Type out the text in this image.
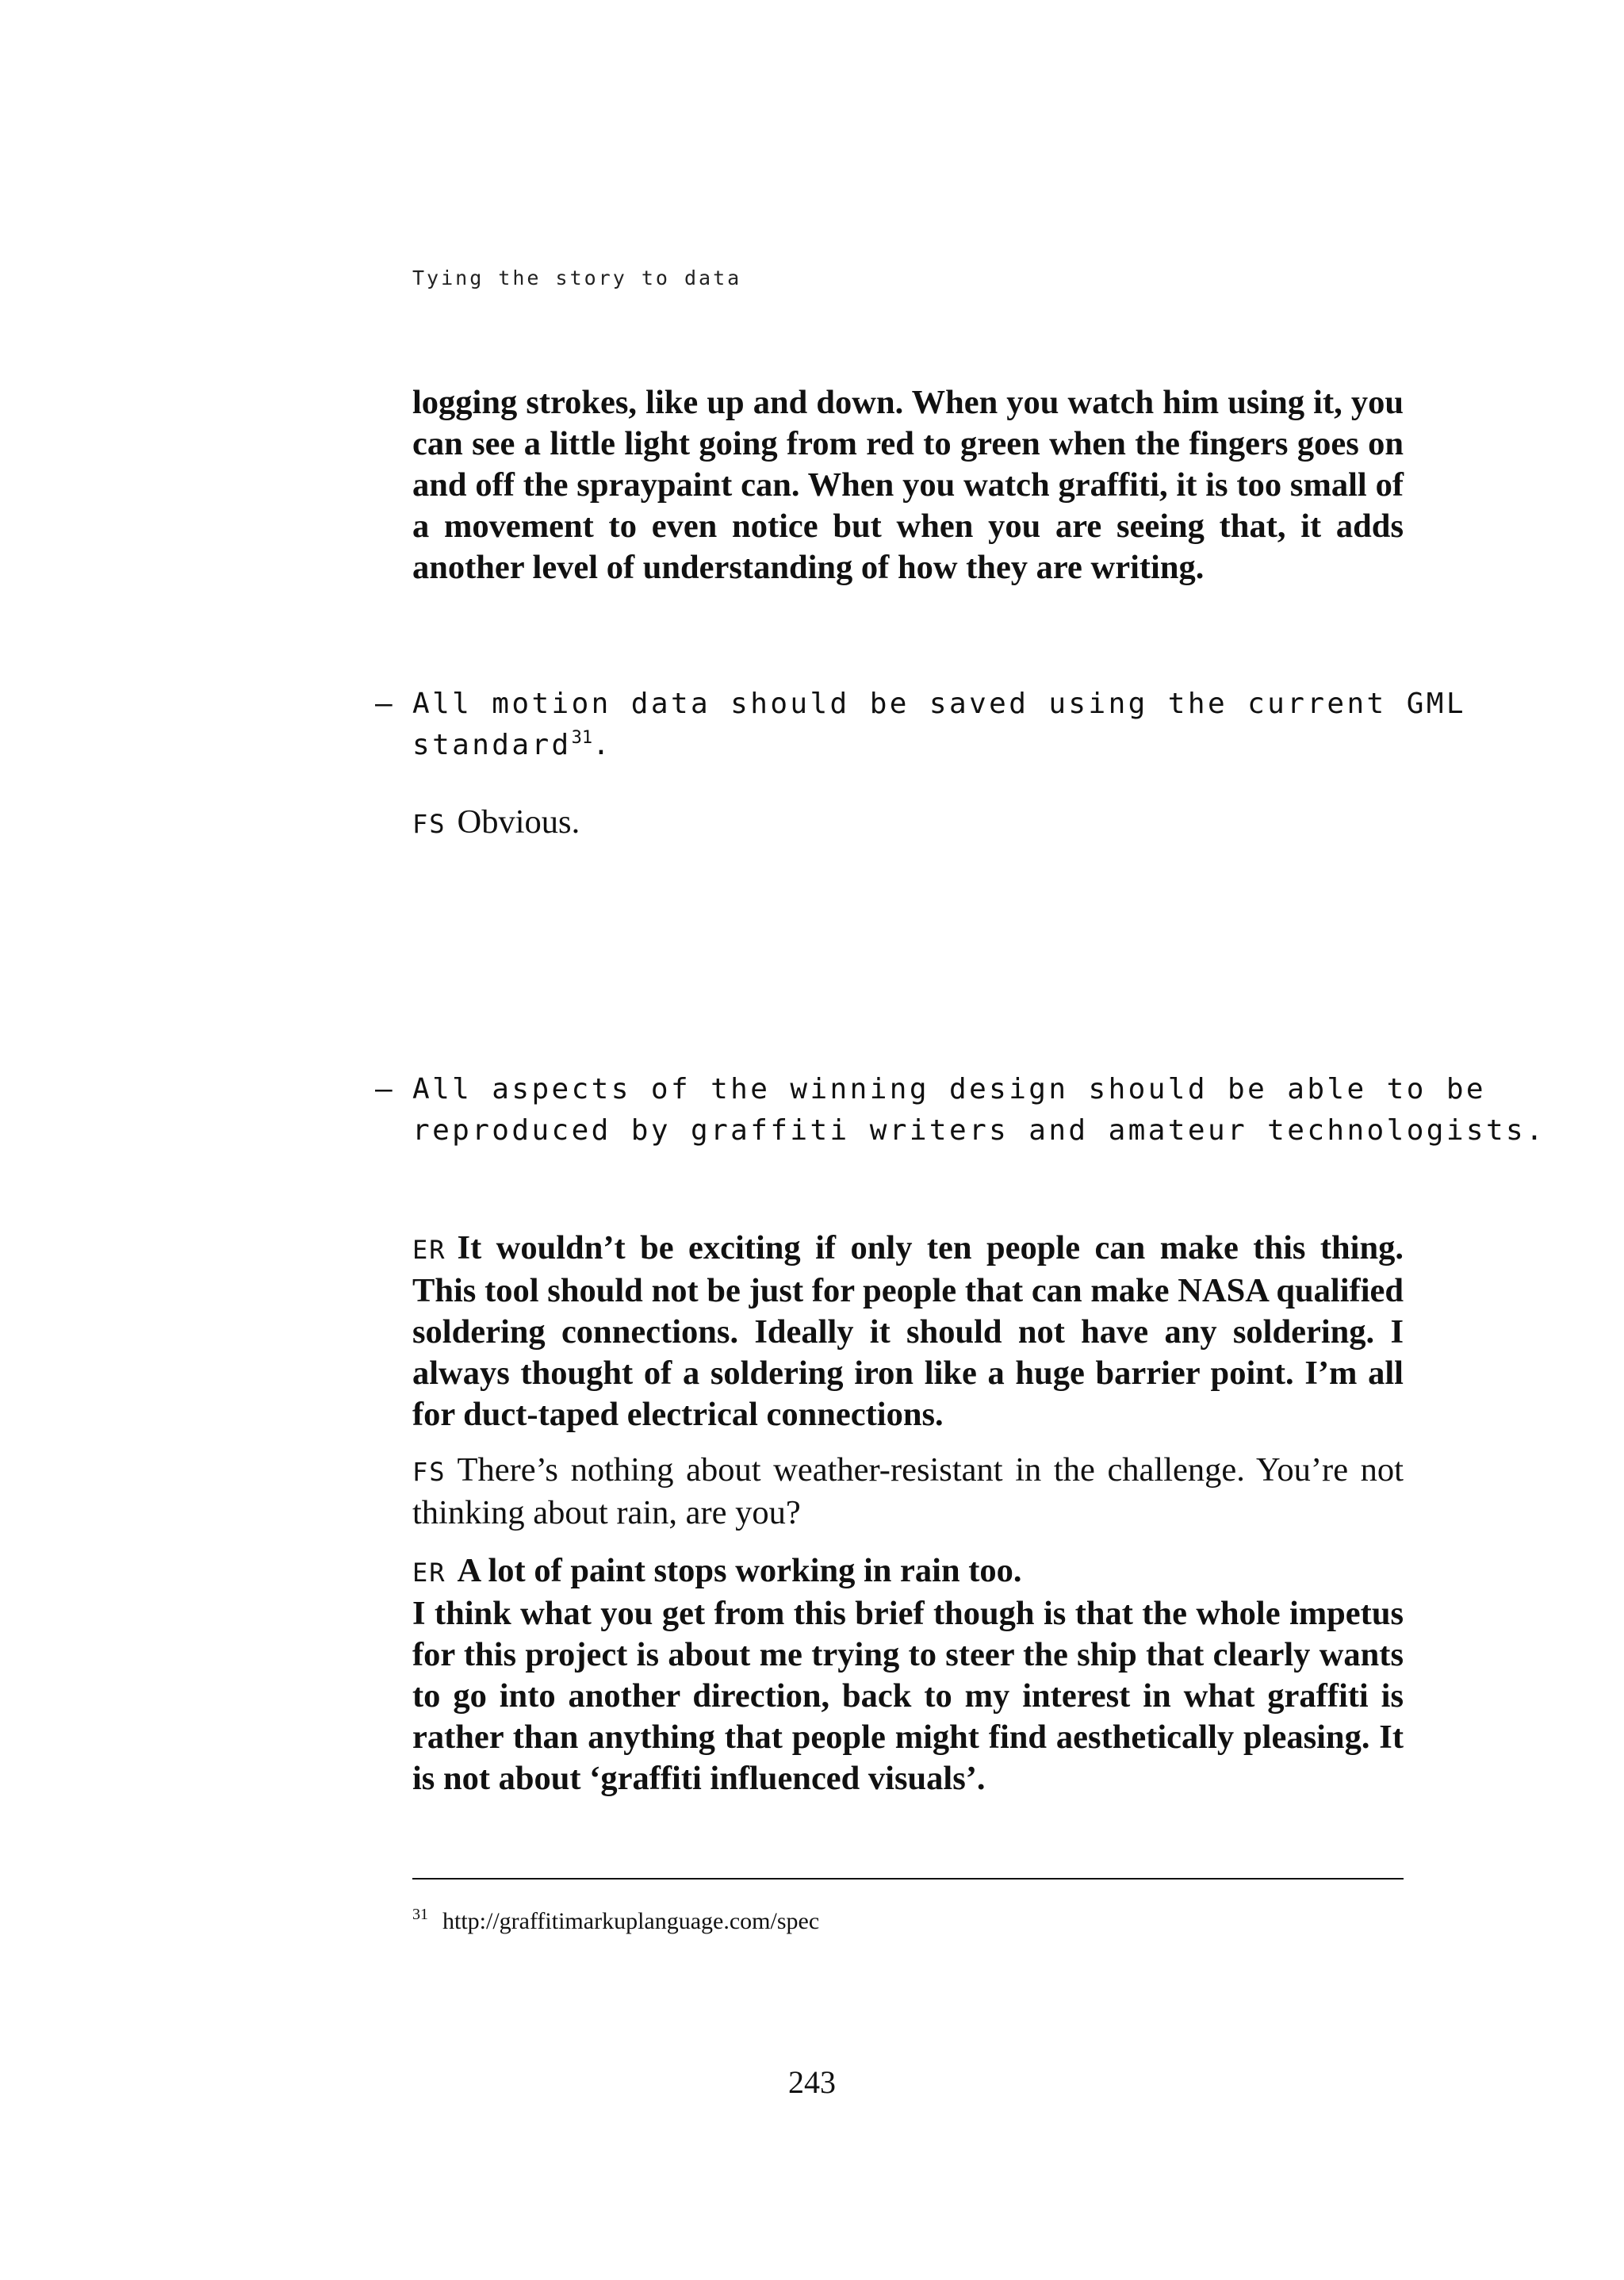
Tying the story to data

logging strokes, like up and down. When you watch him using it, you can see a little light going from red to green when the fingers goes on and off the spraypaint can. When you watch graffiti, it is too small of a movement to even notice but when you are seeing that, it adds another level of understanding of how they are writing.

– All motion data should be saved using the current GML
standard$^{31}$.

FS Obvious.

– All aspects of the winning design should be able to be
reproduced by graffiti writers and amateur technologists.

ER It wouldn’t be exciting if only ten people can make this thing. This tool should not be just for people that can make NASA qualified soldering connections. Ideally it should not have any soldering. I always thought of a soldering iron like a huge barrier point. I’m all for duct-taped electrical connections.

FS There’s nothing about weather-resistant in the challenge. You’re not thinking about rain, are you?

ER A lot of paint stops working in rain too.
I think what you get from this brief though is that the whole impetus for this project is about me trying to steer the ship that clearly wants to go into another direction, back to my interest in what graffiti is rather than anything that people might find aesthetically pleasing. It is not about ‘graffiti influenced visuals’.
$^{31}$ http://graffitimarkuplanguage.com/spec
243
